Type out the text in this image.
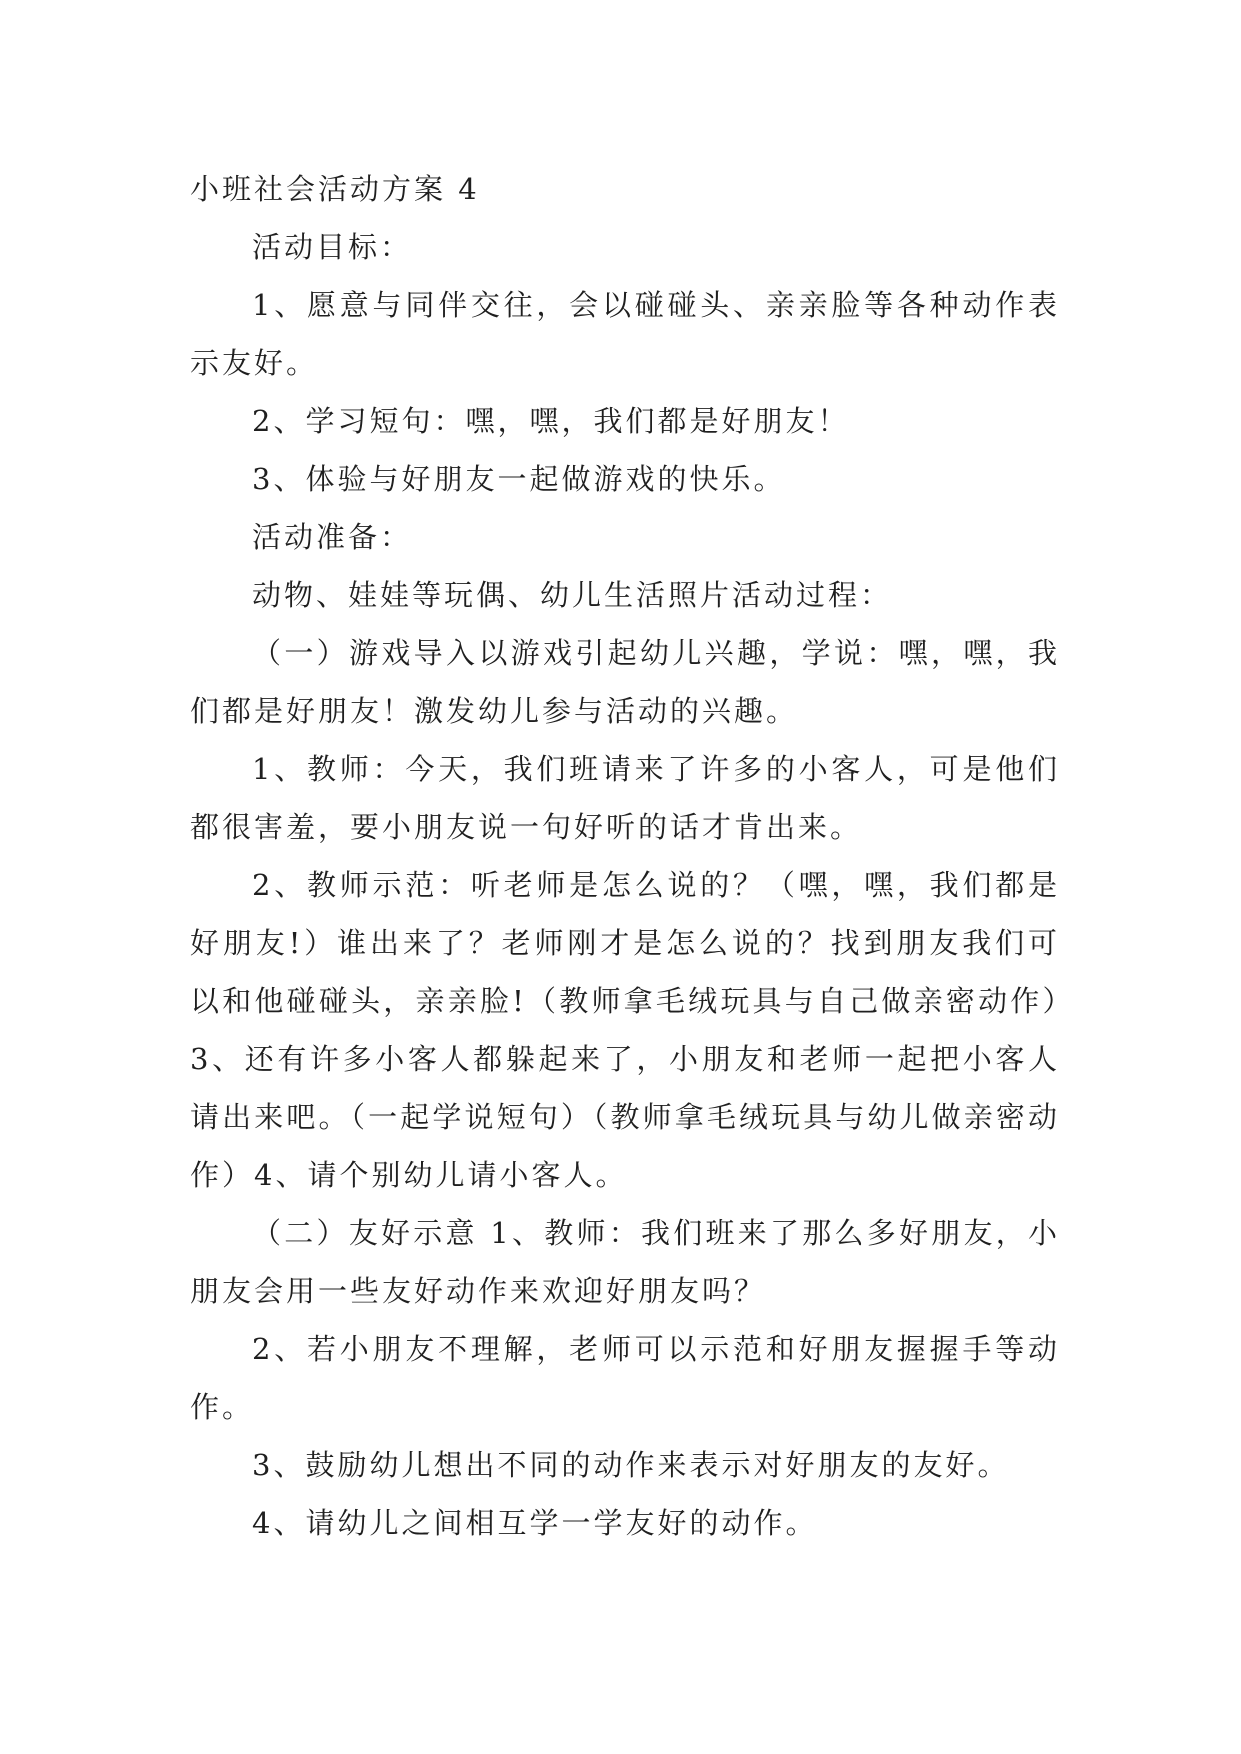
小班社会活动方案 4

活动目标：

1、愿意与同伴交往，会以碰碰头、亲亲脸等各种动作表示友好。

2、学习短句：嘿，嘿，我们都是好朋友！

3、体验与好朋友一起做游戏的快乐。

活动准备：

动物、娃娃等玩偶、幼儿生活照片活动过程：

（一）游戏导入以游戏引起幼儿兴趣，学说：嘿，嘿，我们都是好朋友！激发幼儿参与活动的兴趣。

1、教师：今天，我们班请来了许多的小客人，可是他们都很害羞，要小朋友说一句好听的话才肯出来。

2、教师示范：听老师是怎么说的？（嘿，嘿，我们都是好朋友!）谁出来了？老师刚才是怎么说的？找到朋友我们可以和他碰碰头，亲亲脸!（教师拿毛绒玩具与自己做亲密动作）3、还有许多小客人都躲起来了，小朋友和老师一起把小客人请出来吧。（一起学说短句）（教师拿毛绒玩具与幼儿做亲密动作）4、请个别幼儿请小客人。

（二）友好示意 1、教师：我们班来了那么多好朋友，小朋友会用一些友好动作来欢迎好朋友吗？

2、若小朋友不理解，老师可以示范和好朋友握握手等动作。

3、鼓励幼儿想出不同的动作来表示对好朋友的友好。

4、请幼儿之间相互学一学友好的动作。
